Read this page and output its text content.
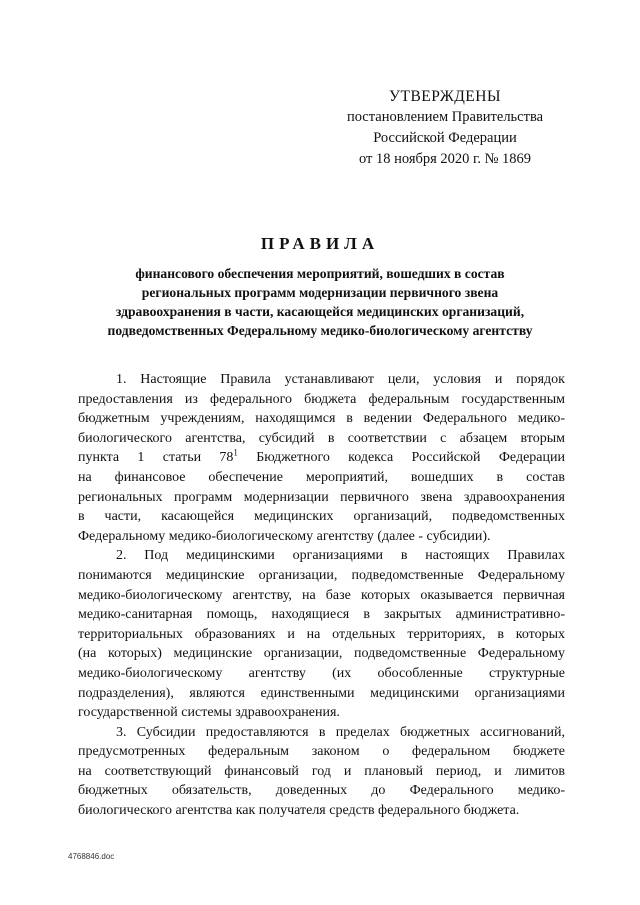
УТВЕРЖДЕНЫ
постановлением Правительства
Российской Федерации
от 18 ноября 2020 г. № 1869
ПРАВИЛА
финансового обеспечения мероприятий, вошедших в состав
региональных программ модернизации первичного звена
здравоохранения в части, касающейся медицинских организаций,
подведомственных Федеральному медико-биологическому агентству
1. Настоящие Правила устанавливают цели, условия и порядок
предоставления из федерального бюджета федеральным государственным
бюджетным учреждениям, находящимся в ведении Федерального медико-
биологического агентства, субсидий в соответствии с абзацем вторым
пункта 1 статьи $78^1$ Бюджетного кодекса Российской Федерации
на финансовое обеспечение мероприятий, вошедших в состав
региональных программ модернизации первичного звена здравоохранения
в части, касающейся медицинских организаций, подведомственных
Федеральному медико-биологическому агентству (далее - субсидии).
2. Под медицинскими организациями в настоящих Правилах
понимаются медицинские организации, подведомственные Федеральному
медико-биологическому агентству, на базе которых оказывается первичная
медико-санитарная помощь, находящиеся в закрытых административно-
территориальных образованиях и на отдельных территориях, в которых
(на которых) медицинские организации, подведомственные Федеральному
медико-биологическому агентству (их обособленные структурные
подразделения), являются единственными медицинскими организациями
государственной системы здравоохранения.
3. Субсидии предоставляются в пределах бюджетных ассигнований,
предусмотренных федеральным законом о федеральном бюджете
на соответствующий финансовый год и плановый период, и лимитов
бюджетных обязательств, доведенных до Федерального медико-
биологического агентства как получателя средств федерального бюджета.
4768846.doc
